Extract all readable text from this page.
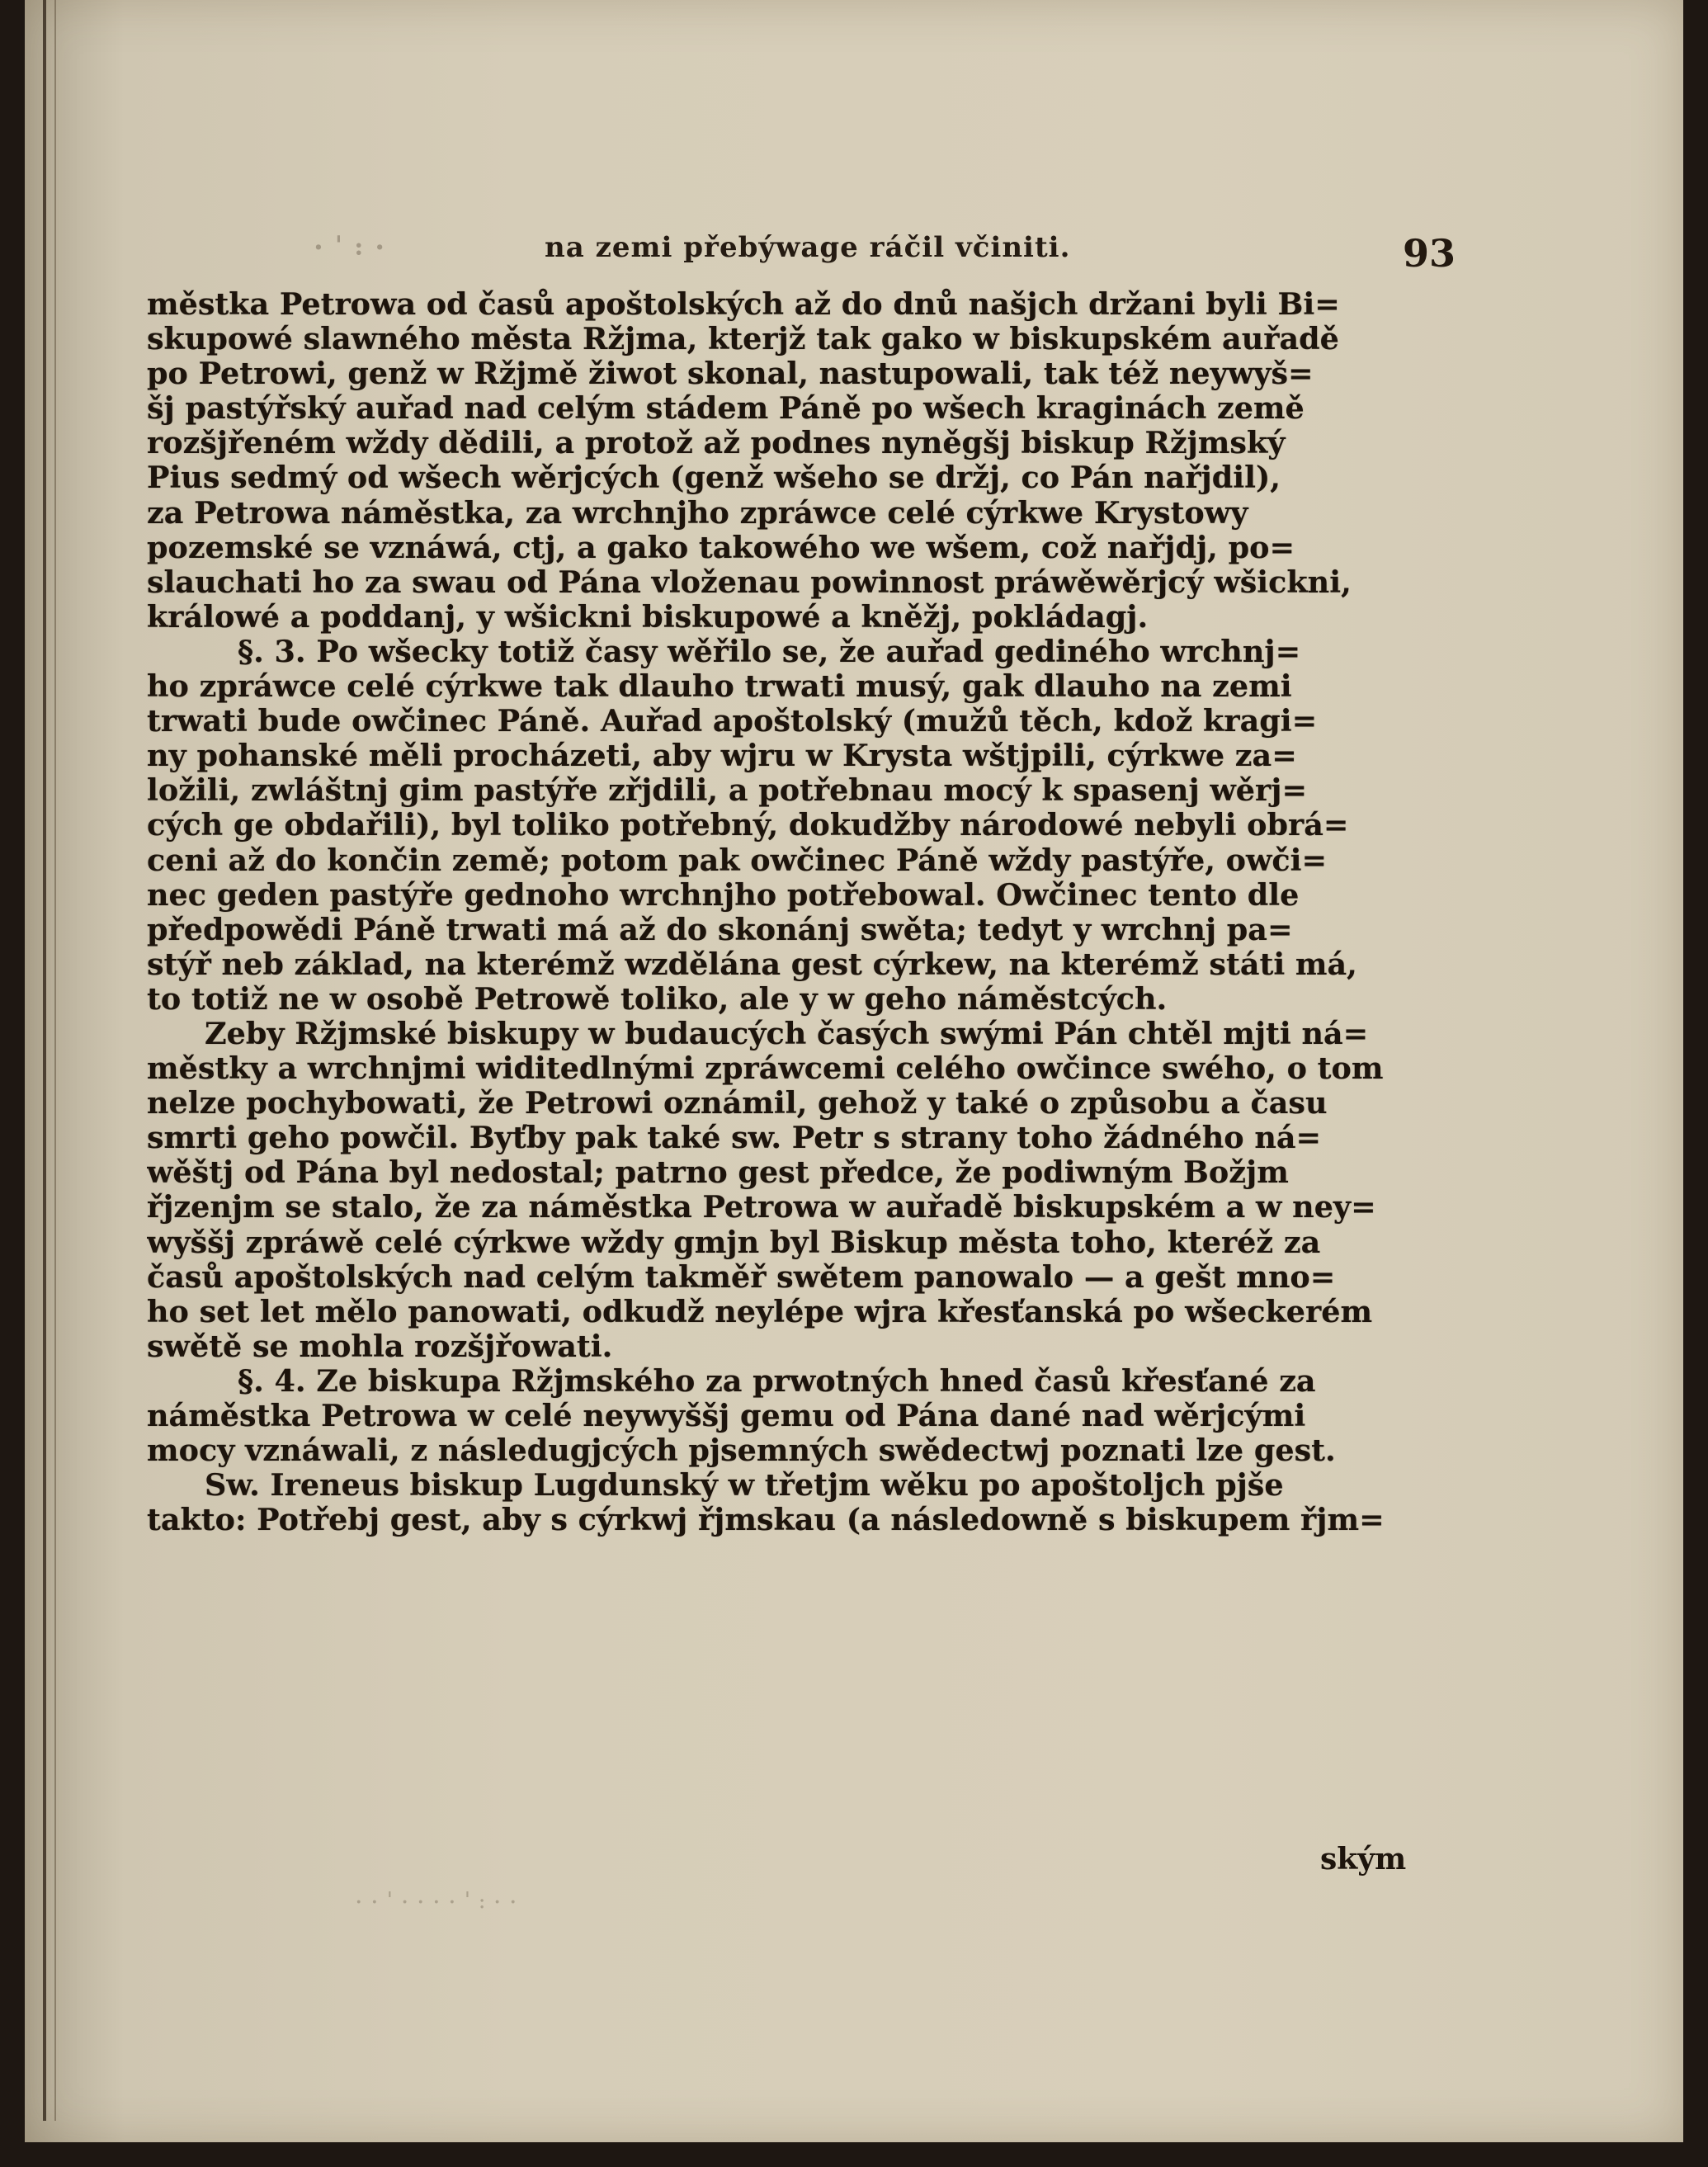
· ˈ ꞉ ·	na zemi přebýwage ráčil včiniti.	93
městka Petrowa od časů apoštolských až do dnů našjch držani byli Bi=
skupowé slawného města Ržjma, kterjž tak gako w biskupském auřadě
po Petrowi, genž w Ržjmě žiwot skonal, nastupowali, tak též neywyš=
šj pastýřský auřad nad celým stádem Páně po wšech kraginách země
rozšjřeném wždy dědili, a protož až podnes nyněgšj biskup Ržjmský
Pius sedmý od wšech wěrjcých (genž wšeho se držj, co Pán nařjdil),
za Petrowa náměstka, za wrchnjho zpráwce celé cýrkwe Krystowy
pozemské se vznáwá, ctj, a gako takowého we wšem, což nařjdj, po=
slauchati ho za swau od Pána vloženau powinnost práwěwěrjcý wšickni,
králowé a poddanj, y wšickni biskupowé a kněžj, pokládagj.
§. 3. Po wšecky totiž časy wěřilo se, že auřad gediného wrchnj=
ho zpráwce celé cýrkwe tak dlauho trwati musý, gak dlauho na zemi
trwati bude owčinec Páně. Auřad apoštolský (mužů těch, kdož kragi=
ny pohanské měli procházeti, aby wjru w Krysta wštjpili, cýrkwe za=
ložili, zwláštnj gim pastýře zřjdili, a potřebnau mocý k spasenj wěrj=
cých ge obdařili), byl toliko potřebný, dokudžby národowé nebyli obrá=
ceni až do končin země; potom pak owčinec Páně wždy pastýře, owči=
nec geden pastýře gednoho wrchnjho potřebowal. Owčinec tento dle
předpowědi Páně trwati má až do skonánj swěta; tedyt y wrchnj pa=
stýř neb základ, na kterémž wzdělána gest cýrkew, na kterémž státi má,
to totiž ne w osobě Petrowě toliko, ale y w geho náměstcých.
Zeby Ržjmské biskupy w budaucých časých swými Pán chtěl mjti ná=
městky a wrchnjmi widitedlnými zpráwcemi celého owčince swého, o tom
nelze pochybowati, že Petrowi oznámil, gehož y také o způsobu a času
smrti geho powčil. Byťby pak také sw. Petr s strany toho žádného ná=
wěštj od Pána byl nedostal; patrno gest předce, že podiwným Božjm
řjzenjm se stalo, že za náměstka Petrowa w auřadě biskupském a w ney=
wyššj zpráwě celé cýrkwe wždy gmjn byl Biskup města toho, kteréž za
časů apoštolských nad celým takměř swětem panowalo — a gešt mno=
ho set let mělo panowati, odkudž neylépe wjra křesťanská po wšeckerém
swětě se mohla rozšjřowati.
§. 4. Ze biskupa Ržjmského za prwotných hned časů křesťané za
náměstka Petrowa w celé neywyššj gemu od Pána dané nad wěrjcými
mocy vznáwali, z následugjcých pjsemných swědectwj poznati lze gest.
Sw. Ireneus biskup Lugdunský w třetjm wěku po apoštoljch pjše
takto: Potřebj gest, aby s cýrkwj řjmskau (a následowně s biskupem řjm=
ským
· · ˈ · · · · ˈ ꞉ · ·
